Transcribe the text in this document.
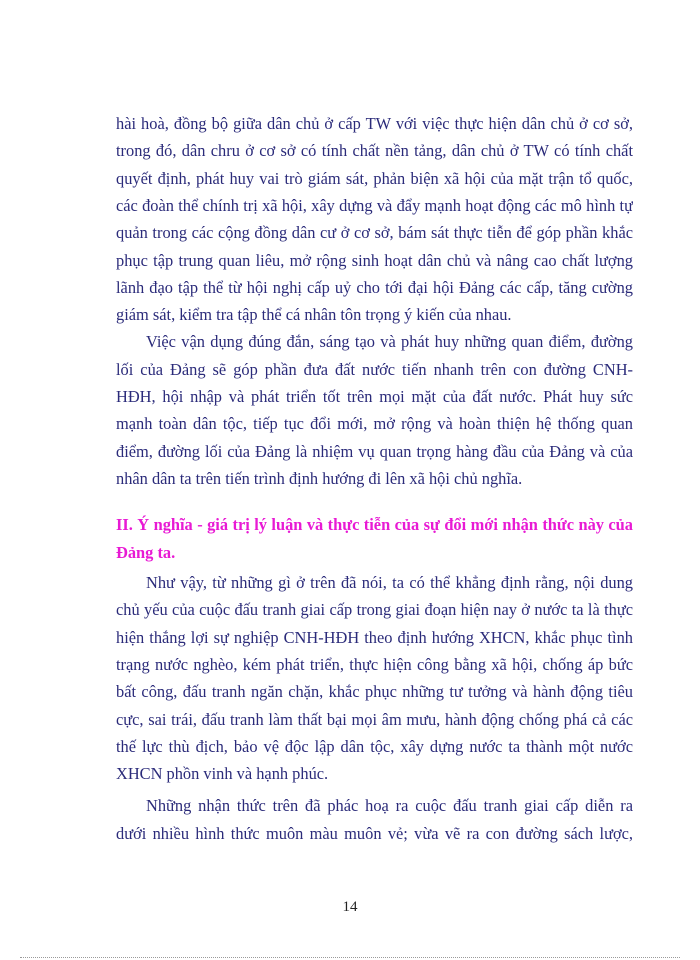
hài hoà, đồng bộ giữa dân chủ ở cấp TW với việc thực hiện dân chủ ở cơ sở,
trong đó, dân chru ở cơ sở có tính chất nền tảng, dân chủ ở TW có tính chất
quyết định, phát huy vai trò giám sát, phản biện xã hội của mặt trận tổ quốc,
các đoàn thể chính trị xã hội, xây dựng và đẩy mạnh hoạt động các mô hình tự
quản trong các cộng đồng dân cư ở cơ sở, bám sát thực tiễn để góp phần khắc
phục tập trung quan liêu, mở rộng sinh hoạt dân chủ và nâng cao chất lượng
lãnh đạo tập thể từ hội nghị cấp uỷ cho tới đại hội Đảng các cấp, tăng cường
giám sát, kiểm tra tập thể cá nhân tôn trọng ý kiến của nhau.
Việc vận dụng đúng đắn, sáng tạo và phát huy những quan điểm, đường
lối của Đảng sẽ góp phần đưa đất nước tiến nhanh trên con đường CNH-
HĐH, hội nhập và phát triển tốt trên mọi mặt của đất nước. Phát huy sức
mạnh toàn dân tộc, tiếp tục đổi mới, mở rộng và hoàn thiện hệ thống quan
điểm, đường lối của Đảng là nhiệm vụ quan trọng hàng đầu của Đảng và của
nhân dân ta trên tiến trình định hướng đi lên xã hội chủ nghĩa.
II. Ý nghĩa - giá trị lý luận và thực tiễn của sự đổi mới nhận thức này của
Đảng ta.
Như vậy, từ những gì ở trên đã nói, ta có thể khẳng định rằng, nội dung
chủ yếu của cuộc đấu tranh giai cấp trong giai đoạn hiện nay ở nước ta là thực
hiện thắng lợi sự nghiệp CNH-HĐH theo định hướng XHCN, khắc phục tình
trạng nước nghèo, kém phát triển, thực hiện công bằng xã hội, chống áp bức
bất công, đấu tranh ngăn chặn, khắc phục những tư tưởng và hành động tiêu
cực, sai trái, đấu tranh làm thất bại mọi âm mưu, hành động chống phá cả các
thế lực thù địch, bảo vệ độc lập dân tộc, xây dựng nước ta thành một nước
XHCN phồn vinh và hạnh phúc.
Những nhận thức trên đã phác hoạ ra cuộc đấu tranh giai cấp diễn ra
dưới nhiều hình thức muôn màu muôn vẻ; vừa vẽ ra con đường sách lược,
14
